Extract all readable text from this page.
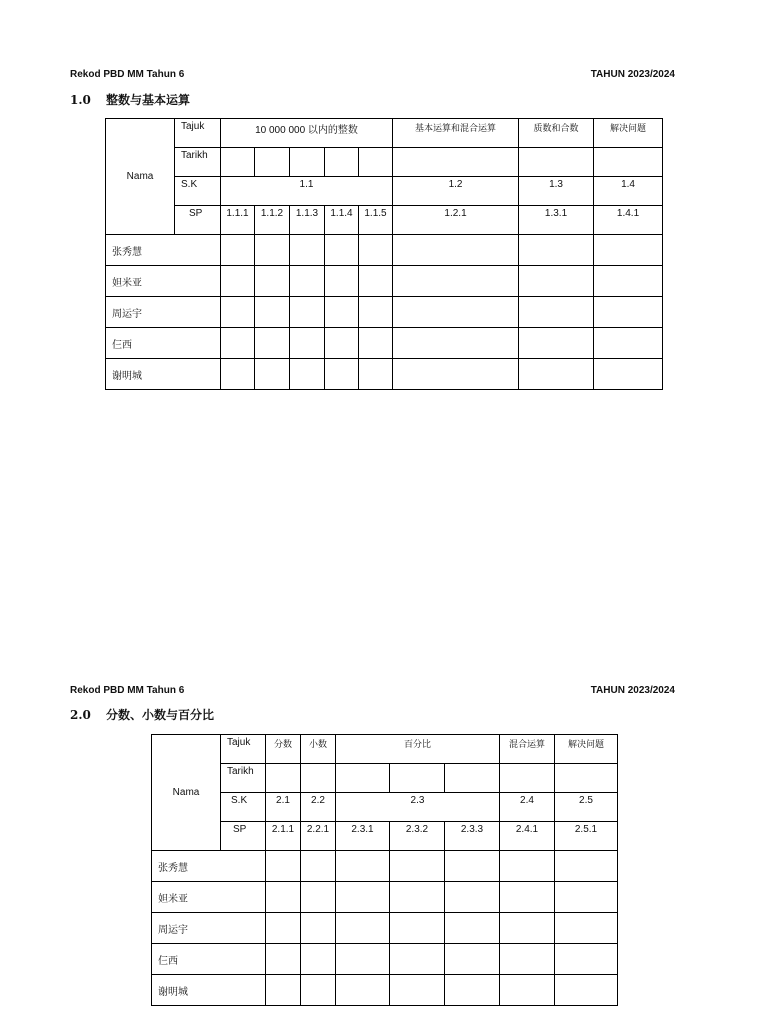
Rekod PBD MM Tahun 6	TAHUN 2023/2024
1.0 整数与基本运算
Nama	Tajuk	10 000 000 以内的整数					基本运算和混合运算	质数和合数	解决问题
	Tarikh								
	S.K	1.1					1.2	1.3	1.4
	SP	1.1.1	1.1.2	1.1.3	1.1.4	1.1.5	1.2.1	1.3.1	1.4.1
张秀慧									
妲米亚									
周运宇									
仨西									
谢明城									
Rekod PBD MM Tahun 6	TAHUN 2023/2024
2.0 分数、小数与百分比
Nama	Tajuk	分数	小数	百分比			混合运算	解决问题
	Tarikh							
	S.K	2.1	2.2	2.3			2.4	2.5
	SP	2.1.1	2.2.1	2.3.1	2.3.2	2.3.3	2.4.1	2.5.1
张秀慧								
妲米亚								
周运宇								
仨西								
谢明城								
